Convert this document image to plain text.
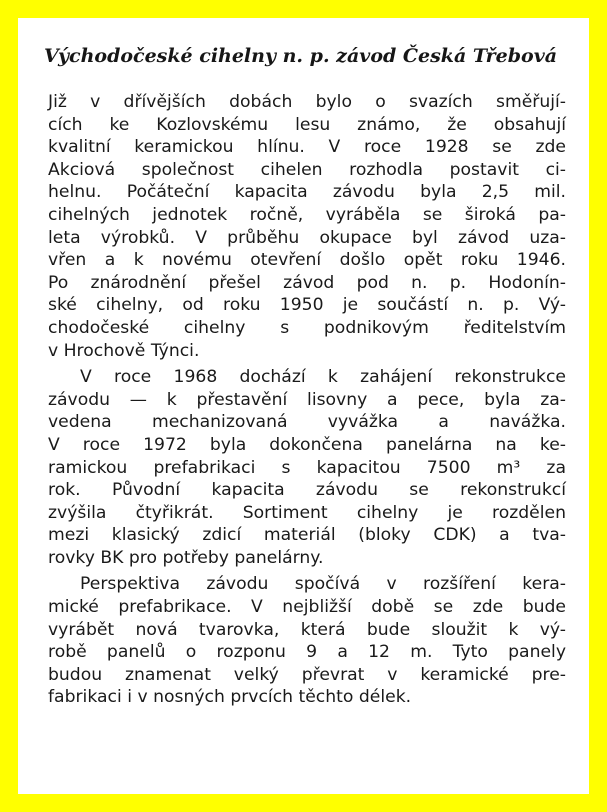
Východočeské cihelny n. p. závod Česká Třebová

Již v dřívějších dobách bylo o svazích směřují-
cích ke Kozlovskému lesu známo, že obsahují
kvalitní keramickou hlínu. V roce 1928 se zde
Akciová společnost cihelen rozhodla postavit ci-
helnu. Počáteční kapacita závodu byla 2,5 mil.
cihelných jednotek ročně, vyráběla se široká pa-
leta výrobků. V průběhu okupace byl závod uza-
vřen a k novému otevření došlo opět roku 1946.
Po znárodnění přešel závod pod n. p. Hodonín-
ské cihelny, od roku 1950 je součástí n. p. Vý-
chodočeské cihelny s podnikovým ředitelstvím
v Hrochově Týnci.

V roce 1968 dochází k zahájení rekonstrukce
závodu — k přestavění lisovny a pece, byla za-
vedena mechanizovaná vyvážka a navážka.
V roce 1972 byla dokončena panelárna na ke-
ramickou prefabrikaci s kapacitou 7500 m³ za
rok. Původní kapacita závodu se rekonstrukcí
zvýšila čtyřikrát. Sortiment cihelny je rozdělen
mezi klasický zdicí materiál (bloky CDK) a tva-
rovky BK pro potřeby panelárny.

Perspektiva závodu spočívá v rozšíření kera-
mické prefabrikace. V nejbližší době se zde bude
vyrábět nová tvarovka, která bude sloužit k vý-
robě panelů o rozponu 9 a 12 m. Tyto panely
budou znamenat velký převrat v keramické pre-
fabrikaci i v nosných prvcích těchto délek.
